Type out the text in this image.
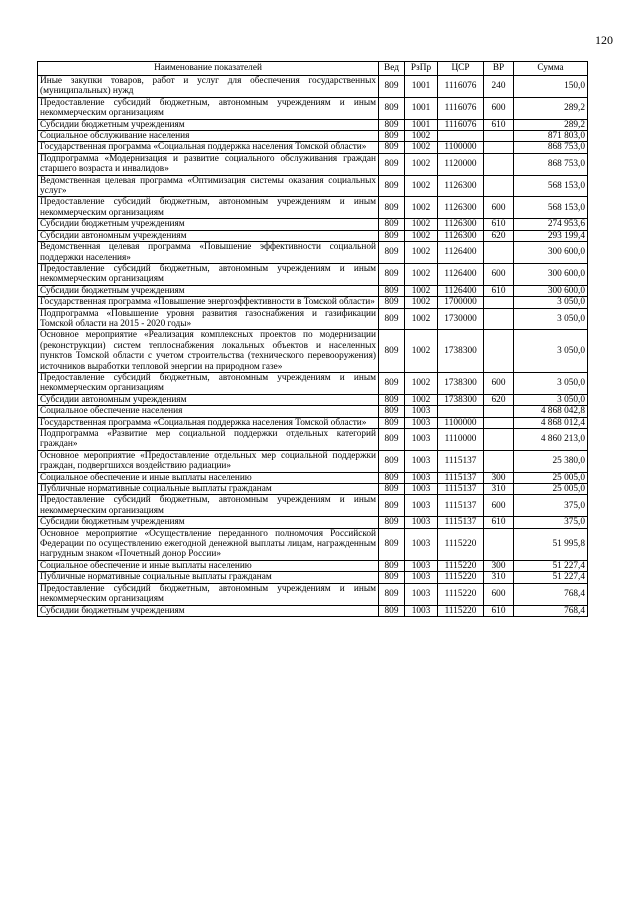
120
Наименование показателей	Вед	РзПр	ЦСР	ВР	Сумма
Иные закупки товаров, работ и услуг для обеспечения государственных (муниципальных) нужд	809	1001	1116076	240	150,0
Предоставление субсидий бюджетным, автономным учреждениям и иным некоммерческим организациям	809	1001	1116076	600	289,2
Субсидии бюджетным учреждениям	809	1001	1116076	610	289,2
Социальное обслуживание населения	809	1002			871 803,0
Государственная программа «Социальная поддержка населения Томской области»	809	1002	1100000		868 753,0
Подпрограмма «Модернизация и развитие социального обслуживания граждан старшего возраста и инвалидов»	809	1002	1120000		868 753,0
Ведомственная целевая программа «Оптимизация системы оказания социальных услуг»	809	1002	1126300		568 153,0
Предоставление субсидий бюджетным, автономным учреждениям и иным некоммерческим организациям	809	1002	1126300	600	568 153,0
Субсидии бюджетным учреждениям	809	1002	1126300	610	274 953,6
Субсидии автономным учреждениям	809	1002	1126300	620	293 199,4
Ведомственная целевая программа «Повышение эффективности социальной поддержки населения»	809	1002	1126400		300 600,0
Предоставление субсидий бюджетным, автономным учреждениям и иным некоммерческим организациям	809	1002	1126400	600	300 600,0
Субсидии бюджетным учреждениям	809	1002	1126400	610	300 600,0
Государственная программа «Повышение энергоэффективности в Томской области»	809	1002	1700000		3 050,0
Подпрограмма «Повышение уровня развития газоснабжения и газификации Томской области на 2015 - 2020 годы»	809	1002	1730000		3 050,0
Основное мероприятие «Реализация комплексных проектов по модернизации (реконструкции) систем теплоснабжения локальных объектов и населенных пунктов Томской области с учетом строительства (технического перевооружения) источников выработки тепловой энергии на природном газе»	809	1002	1738300		3 050,0
Предоставление субсидий бюджетным, автономным учреждениям и иным некоммерческим организациям	809	1002	1738300	600	3 050,0
Субсидии автономным учреждениям	809	1002	1738300	620	3 050,0
Социальное обеспечение населения	809	1003			4 868 042,8
Государственная программа «Социальная поддержка населения Томской области»	809	1003	1100000		4 868 012,4
Подпрограмма «Развитие мер социальной поддержки отдельных категорий граждан»	809	1003	1110000		4 860 213,0
Основное мероприятие «Предоставление отдельных мер социальной поддержки граждан, подвергшихся воздействию радиации»	809	1003	1115137		25 380,0
Социальное обеспечение и иные выплаты населению	809	1003	1115137	300	25 005,0
Публичные нормативные социальные выплаты гражданам	809	1003	1115137	310	25 005,0
Предоставление субсидий бюджетным, автономным учреждениям и иным некоммерческим организациям	809	1003	1115137	600	375,0
Субсидии бюджетным учреждениям	809	1003	1115137	610	375,0
Основное мероприятие «Осуществление переданного полномочия Российской Федерации по осуществлению ежегодной денежной выплаты лицам, награжденным нагрудным знаком «Почетный донор России»	809	1003	1115220		51 995,8
Социальное обеспечение и иные выплаты населению	809	1003	1115220	300	51 227,4
Публичные нормативные социальные выплаты гражданам	809	1003	1115220	310	51 227,4
Предоставление субсидий бюджетным, автономным учреждениям и иным некоммерческим организациям	809	1003	1115220	600	768,4
Субсидии бюджетным учреждениям	809	1003	1115220	610	768,4
